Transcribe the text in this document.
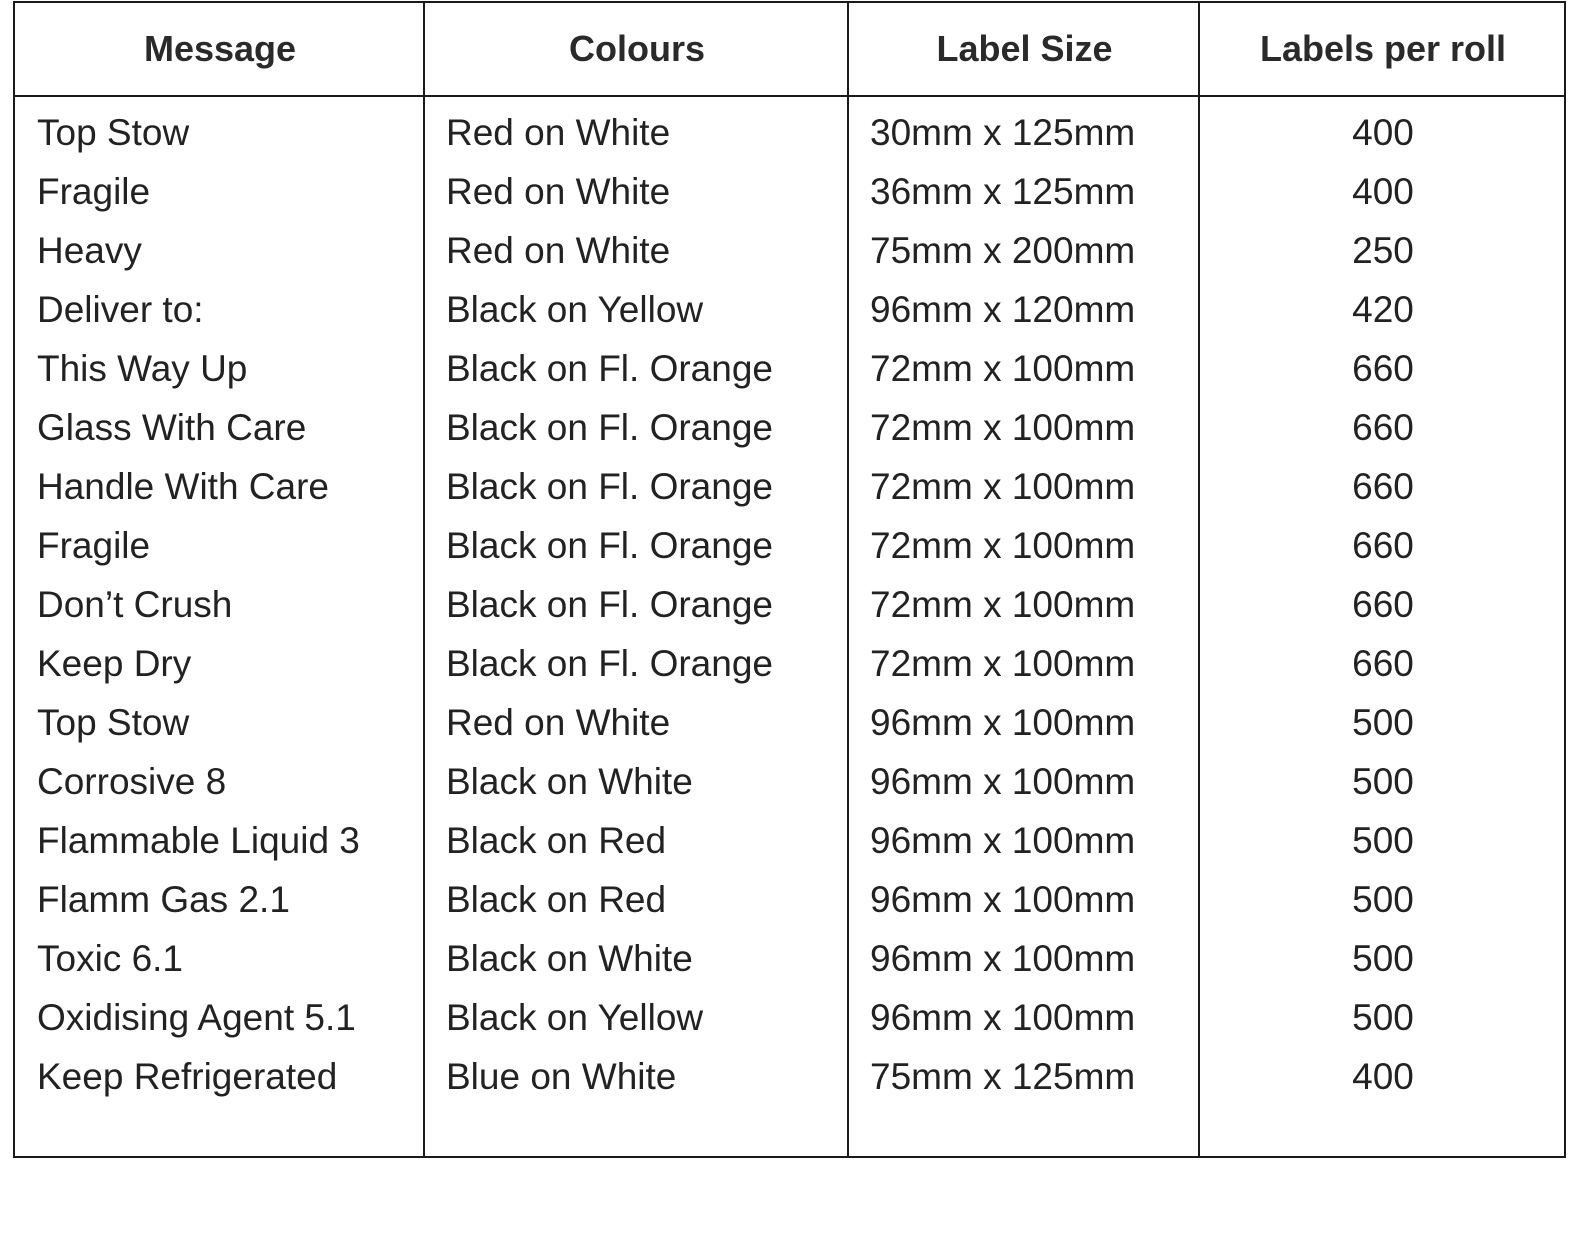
Message	Colours	Label Size	Labels per roll
Top Stow	Red on White	30mm x 125mm	400
Fragile	Red on White	36mm x 125mm	400
Heavy	Red on White	75mm x 200mm	250
Deliver to:	Black on Yellow	96mm x 120mm	420
This Way Up	Black on Fl. Orange	72mm x 100mm	660
Glass With Care	Black on Fl. Orange	72mm x 100mm	660
Handle With Care	Black on Fl. Orange	72mm x 100mm	660
Fragile	Black on Fl. Orange	72mm x 100mm	660
Don’t Crush	Black on Fl. Orange	72mm x 100mm	660
Keep Dry	Black on Fl. Orange	72mm x 100mm	660
Top Stow	Red on White	96mm x 100mm	500
Corrosive 8	Black on White	96mm x 100mm	500
Flammable Liquid 3	Black on Red	96mm x 100mm	500
Flamm Gas 2.1	Black on Red	96mm x 100mm	500
Toxic 6.1	Black on White	96mm x 100mm	500
Oxidising Agent 5.1	Black on Yellow	96mm x 100mm	500
Keep Refrigerated	Blue on White	75mm x 125mm	400
